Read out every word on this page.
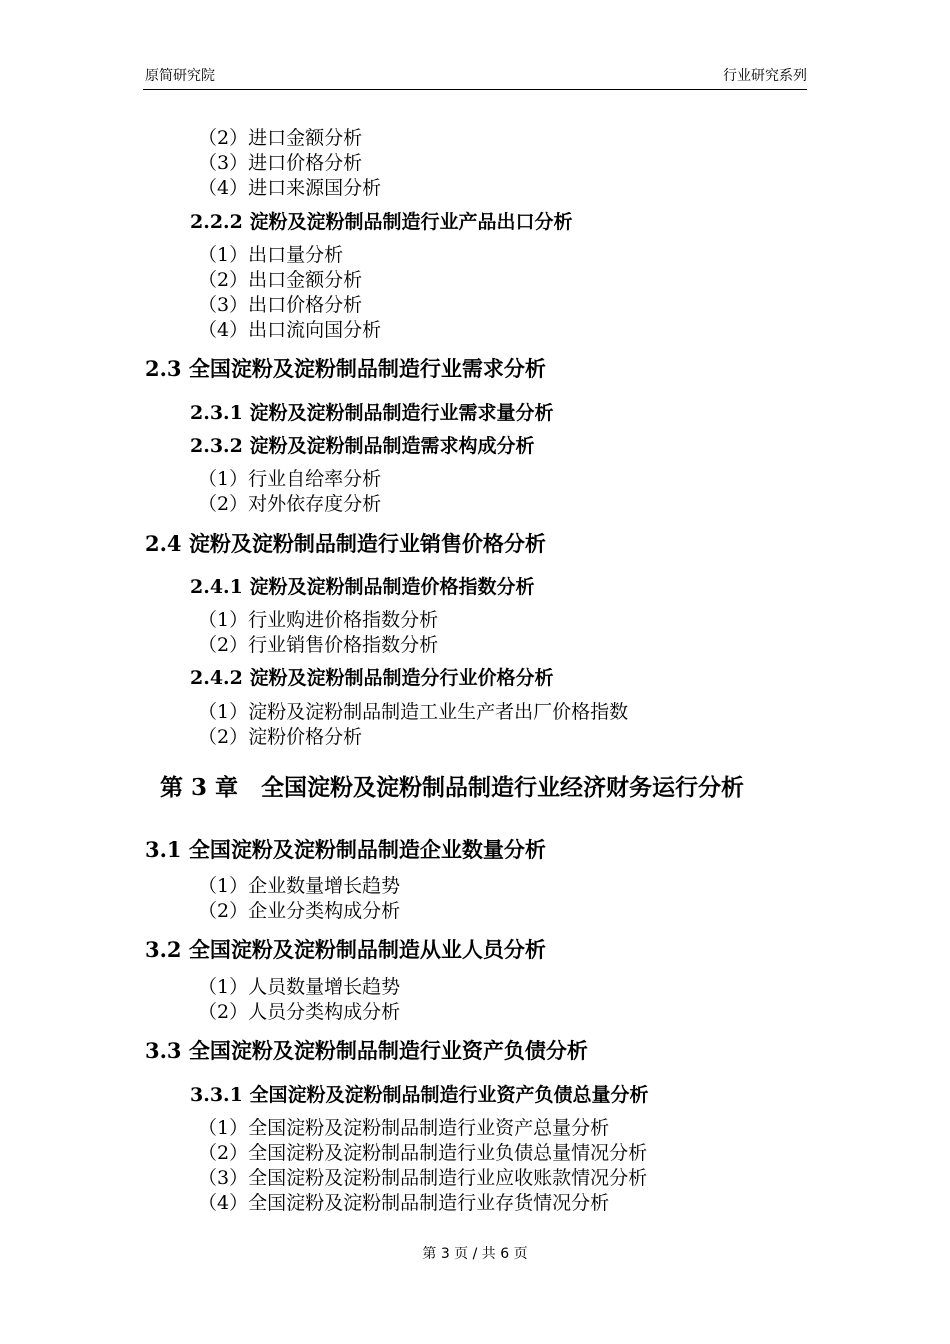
原简研究院	行业研究系列
（2）进口金额分析
（3）进口价格分析
（4）进口来源国分析
2.2.2 淀粉及淀粉制品制造行业产品出口分析
（1）出口量分析
（2）出口金额分析
（3）出口价格分析
（4）出口流向国分析
2.3 全国淀粉及淀粉制品制造行业需求分析
2.3.1 淀粉及淀粉制品制造行业需求量分析
2.3.2 淀粉及淀粉制品制造需求构成分析
（1）行业自给率分析
（2）对外依存度分析
2.4 淀粉及淀粉制品制造行业销售价格分析
2.4.1 淀粉及淀粉制品制造价格指数分析
（1）行业购进价格指数分析
（2）行业销售价格指数分析
2.4.2 淀粉及淀粉制品制造分行业价格分析
（1）淀粉及淀粉制品制造工业生产者出厂价格指数
（2）淀粉价格分析
第 3 章　全国淀粉及淀粉制品制造行业经济财务运行分析
3.1 全国淀粉及淀粉制品制造企业数量分析
（1）企业数量增长趋势
（2）企业分类构成分析
3.2 全国淀粉及淀粉制品制造从业人员分析
（1）人员数量增长趋势
（2）人员分类构成分析
3.3 全国淀粉及淀粉制品制造行业资产负债分析
3.3.1 全国淀粉及淀粉制品制造行业资产负债总量分析
（1）全国淀粉及淀粉制品制造行业资产总量分析
（2）全国淀粉及淀粉制品制造行业负债总量情况分析
（3）全国淀粉及淀粉制品制造行业应收账款情况分析
（4）全国淀粉及淀粉制品制造行业存货情况分析
第 3 页 / 共 6 页
